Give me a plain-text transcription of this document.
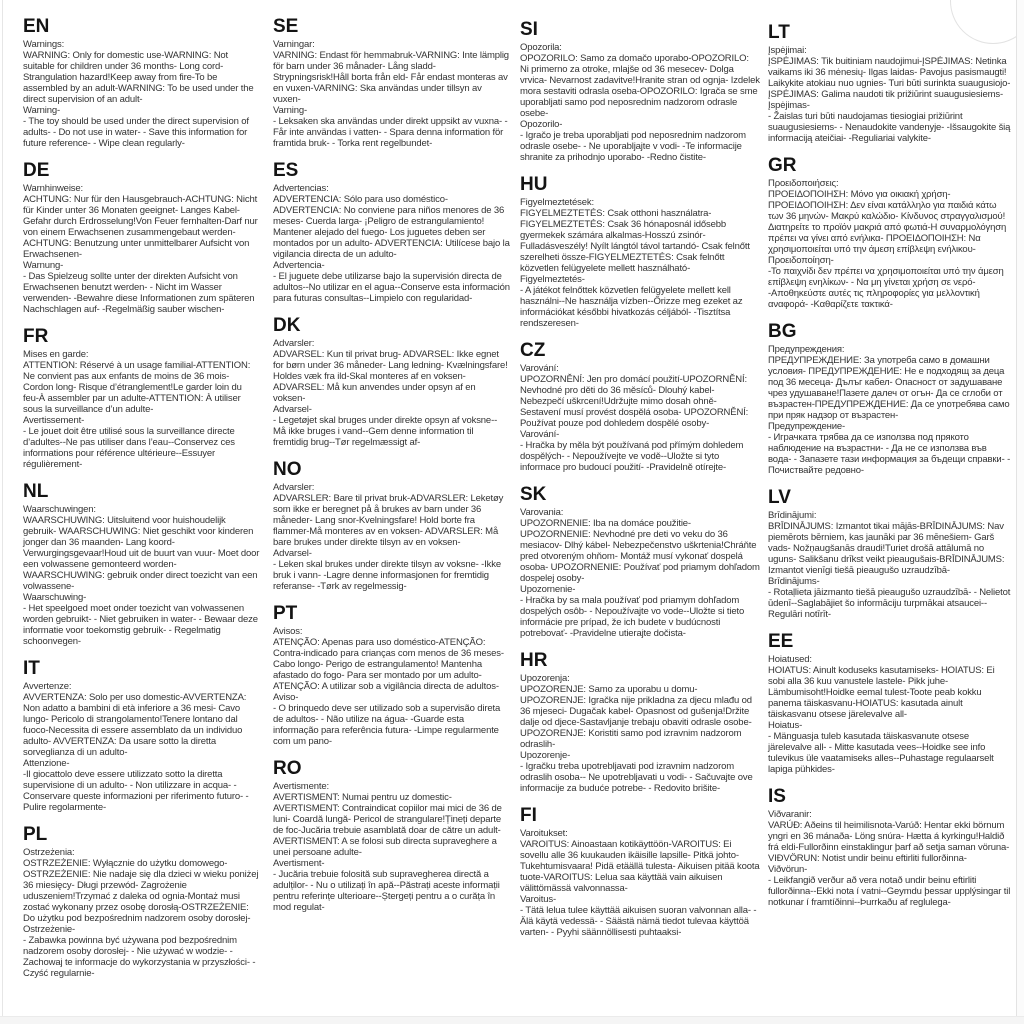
EN
Warnings:
WARNING: Only for domestic use-WARNING: Not suitable for children under 36 months- Long cord- Strangulation hazard!Keep away from fire-To be assembled by an adult-WARNING: To be used under the direct supervision of an adult-
Warning-
- The toy should be used under the direct supervision of adults- - Do not use in water- - Save this information for future reference- - Wipe clean regularly-
DE
Warnhinweise:
ACHTUNG: Nur für den Hausgebrauch-ACHTUNG: Nicht für Kinder unter 36 Monaten geeignet- Langes Kabel- Gefahr durch Erdrosselung!Von Feuer fernhalten-Darf nur von einem Erwachsenen zusammengebaut werden- ACHTUNG: Benutzung unter unmittelbarer Aufsicht von Erwachsenen-
Warnung-
- Das Spielzeug sollte unter der direkten Aufsicht von Erwachsenen benutzt werden- - Nicht im Wasser verwenden- -Bewahre diese Informationen zum späteren Nachschlagen auf- -Regelmäßig sauber wischen-
FR
Mises en garde:
ATTENTION: Réservé à un usage familial-ATTENTION: Ne convient pas aux enfants de moins de 36 mois- Cordon long- Risque d’étranglement!Le garder loin du feu-À assembler par un adulte-ATTENTION: À utiliser sous la surveillance d’un adulte-
Avertissement-
- Le jouet doit être utilisé sous la surveillance directe d’adultes--Ne pas utiliser dans l’eau--Conservez ces informations pour référence ultérieure--Essuyer régulièrement-
NL
Waarschuwingen:
WAARSCHUWING: Uitsluitend voor huishoudelijk gebruik- WAARSCHUWING: Niet geschikt voor kinderen jonger dan 36 maanden- Lang koord- Verwurgingsgevaar!Houd uit de buurt van vuur- Moet door een volwassene gemonteerd worden- WAARSCHUWING: gebruik onder direct toezicht van een volwassene-
Waarschuwing-
- Het speelgoed moet onder toezicht van volwassenen worden gebruikt- - Niet gebruiken in water- - Bewaar deze informatie voor toekomstig gebruik- - Regelmatig schoonvegen-
IT
Avvertenze:
AVVERTENZA: Solo per uso domestic-AVVERTENZA: Non adatto a bambini di età inferiore a 36 mesi- Cavo lungo- Pericolo di strangolamento!Tenere lontano dal fuoco-Necessita di essere assemblato da un individuo adulto- AVVERTENZA: Da usare sotto la diretta sorveglianza di un adulto-
Attenzione-
-Il giocattolo deve essere utilizzato sotto la diretta supervisione di un adulto- - Non utilizzare in acqua- -Conservare queste informazioni per riferimento futuro- -Pulire regolarmente-
PL
Ostrzeżenia:
OSTRZEŻENIE: Wyłącznie do użytku domowego- OSTRZEŻENIE: Nie nadaje się dla dzieci w wieku poniżej 36 miesięcy- Długi przewód- Zagrożenie uduszeniem!Trzymać z daleka od ognia-Montaż musi zostać wykonany przez osobę dorosłą-OSTRZEŻENIE: Do użytku pod bezpośrednim nadzorem osoby dorosłej-
Ostrzeżenie-
- Zabawka powinna być używana pod bezpośrednim nadzorem osoby dorosłej- - Nie używać w wodzie- - Zachowaj te informacje do wykorzystania w przyszłości- - Czyść regularnie-
SE
Varningar:
VARNING: Endast för hemmabruk-VARNING: Inte lämplig för barn under 36 månader- Lång sladd- Strypningsrisk!Håll borta från eld- Får endast monteras av en vuxen-VARNING: Ska användas under tillsyn av vuxen-
Varning-
- Leksaken ska användas under direkt uppsikt av vuxna- - Får inte användas i vatten- - Spara denna information för framtida bruk- - Torka rent regelbundet-
ES
Advertencias:
ADVERTENCIA: Sólo para uso doméstico-ADVERTENCIA: No conviene para niños menores de 36 meses- Cuerda larga- ¡Peligro de estrangulamiento! Mantener alejado del fuego- Los juguetes deben ser montados por un adulto- ADVERTENCIA: Utilícese bajo la vigilancia directa de un adulto-
Advertencia-
- El juguete debe utilizarse bajo la supervisión directa de adultos--No utilizar en el agua--Conserve esta información para futuras consultas--Limpielo con regularidad-
DK
Advarsler:
ADVARSEL: Kun til privat brug- ADVARSEL: Ikke egnet for børn under 36 måneder- Lang ledning- Kvælningsfare! Holdes væk fra ild-Skal monteres af en voksen- ADVARSEL: Må kun anvendes under opsyn af en voksen-
Advarsel-
- Legetøjet skal bruges under direkte opsyn af voksne-- Må ikke bruges i vand--Gem denne information til fremtidig brug--Tør regelmæssigt af-
NO
Advarsler:
ADVARSLER: Bare til privat bruk-ADVARSLER: Leketøy som ikke er beregnet på å brukes av barn under 36 måneder- Lang snor-Kvelningsfare! Hold borte fra flammer-Må monteres av en voksen- ADVARSLER: Må bare brukes under direkte tilsyn av en voksen-
Advarsel-
- Leken skal brukes under direkte tilsyn av voksne- -Ikke bruk i vann- -Lagre denne informasjonen for fremtidig referanse- -Tørk av regelmessig-
PT
Avisos:
ATENÇÃO: Apenas para uso doméstico-ATENÇÃO: Contra-indicado para crianças com menos de 36 meses- Cabo longo- Perigo de estrangulamento! Mantenha afastado do fogo- Para ser montado por um adulto- ATENÇÃO: A utilizar sob a vigilância directa de adultos-
Aviso-
- O brinquedo deve ser utilizado sob a supervisão direta de adultos- - Não utilize na água- -Guarde esta informação para referência futura- -Limpe regularmente com um pano-
RO
Avertismente:
AVERTISMENT: Numai pentru uz domestic- AVERTISMENT: Contraindicat copiilor mai mici de 36 de luni- Coardă lungă- Pericol de strangulare!Țineți departe de foc-Jucăria trebuie asamblată doar de către un adult-AVERTISMENT: A se folosi sub directa supraveghere a unei persoane adulte-
Avertisment-
- Jucăria trebuie folosită sub supravegherea directă a adulților- - Nu o utilizați în apă--Păstrați aceste informații pentru referințe ulterioare--Ștergeți pentru a o curăța în mod regulat-
SI
Opozorila:
OPOZORILO: Samo za domačo uporabo-OPOZORILO: Ni primerno za otroke, mlajše od 36 mesecev- Dolga vrvica- Nevarnost zadavitve!Hranite stran od ognja- Izdelek mora sestaviti odrasla oseba-OPOZORILO: Igrača se sme uporabljati samo pod neposrednim nadzorom odrasle osebe-
Opozorilo-
- Igračo je treba uporabljati pod neposrednim nadzorom odrasle osebe- - Ne uporabljajte v vodi- -Te informacije shranite za prihodnjo uporabo- -Redno čistite-
HU
Figyelmeztetések:
FIGYELMEZTETÉS: Csak otthoni használatra- FIGYELMEZTETÉS: Csak 36 hónaposnál idősebb gyermekek számára alkalmas-Hosszú zsinór- Fulladásveszély! Nyílt lángtól távol tartandó- Csak felnőtt szerelheti össze-FIGYELMEZTETÉS: Csak felnőtt közvetlen felügyelete mellett használható-
Figyelmeztetés-
- A játékot felnőttek közvetlen felügyelete mellett kell használni--Ne használja vízben--Őrizze meg ezeket az információkat későbbi hivatkozás céljából- -Tisztítsa rendszeresen-
CZ
Varování:
UPOZORNĚNÍ: Jen pro domácí použití-UPOZORNĚNÍ: Nevhodné pro děti do 36 měsíců- Dlouhý kabel- Nebezpečí uškrcení!Udržujte mimo dosah ohně- Sestavení musí provést dospělá osoba- UPOZORNĚNÍ: Používat pouze pod dohledem dospělé osoby-
Varování-
- Hračka by měla být používaná pod přímým dohledem dospělých- - Nepoužívejte ve vodě--Uložte si tyto informace pro budoucí použití- -Pravidelně otírejte-
SK
Varovania:
UPOZORNENIE: Iba na domáce použitie-UPOZORNENIE: Nevhodné pre deti vo veku do 36 mesiacov- Dlhý kábel- Nebezpečenstvo uškrtenia!Chráňte pred otvoreným ohňom- Montáž musí vykonať dospelá osoba- UPOZORNENIE: Používať pod priamym dohľadom dospelej osoby-
Upozornenie-
- Hračka by sa mala používať pod priamym dohľadom dospelých osôb- - Nepoužívajte vo vode--Uložte si tieto informácie pre prípad, že ich budete v budúcnosti potrebovať- -Pravidelne utierajte dočista-
HR
Upozorenja:
UPOZORENJE: Samo za uporabu u domu-UPOZORENJE: Igračka nije prikladna za djecu mlađu od 36 mjeseci- Dugačak kabel- Opasnost od gušenja!Držite dalje od djece-Sastavljanje trebaju obaviti odrasle osobe- UPOZORENJE: Koristiti samo pod izravnim nadzorom odraslih-
Upozorenje-
- Igračku treba upotrebljavati pod izravnim nadzorom odraslih osoba-- Ne upotrebljavati u vodi- - Sačuvajte ove informacije za buduće potrebe- - Redovito brišite-
FI
Varoitukset:
VAROITUS: Ainoastaan kotikäyttöön-VAROITUS: Ei sovellu alle 36 kuukauden ikäisille lapsille- Pitkä johto- Tukehtumisvaara! Pidä etäällä tulesta- Aikuisen pitää koota tuote-VAROITUS: Lelua saa käyttää vain aikuisen välittömässä valvonnassa-
Varoitus-
- Tätä lelua tulee käyttää aikuisen suoran valvonnan alla- - Älä käytä vedessä- - Säästä nämä tiedot tulevaa käyttöä varten- - Pyyhi säännöllisesti puhtaaksi-
LT
Įspėjimai:
ĮSPĖJIMAS: Tik buitiniam naudojimui-ĮSPĖJIMAS: Netinka vaikams iki 36 mėnesių- Ilgas laidas- Pavojus pasismaugti! Laikykite atokiau nuo ugnies- Turi būti surinkta suaugusiojo- ĮSPĖJIMAS: Galima naudoti tik prižiūrint suaugusiesiems-
Įspėjimas-
- Žaislas turi būti naudojamas tiesiogiai prižiūrint suaugusiesiems- - Nenaudokite vandenyje- -Išsaugokite šią informaciją ateičiai- -Reguliariai valykite-
GR
Προειδοποιήσεις:
ΠΡΟΕΙΔΟΠΟΙΗΣΗ: Μόνο για οικιακή χρήση- ΠΡΟΕΙΔΟΠΟΙΗΣΗ: Δεν είναι κατάλληλο για παιδιά κάτω των 36 μηνών- Μακρύ καλώδιο- Κίνδυνος στραγγαλισμού! Διατηρείτε το προϊόν μακριά από φωτιά-Η συναρμολόγηση πρέπει να γίνει από ενήλικα- ΠΡΟΕΙΔΟΠΟΙΗΣΗ: Να χρησιμοποιείται υπό την άμεση επίβλεψη ενήλικου-
Προειδοποίηση-
-Το παιχνίδι δεν πρέπει να χρησιμοποιείται υπό την άμεση επίβλεψη ενηλίκων- - Να μη γίνεται χρήση σε νερό- -Αποθηκεύστε αυτές τις πληροφορίες για μελλοντική αναφορά- -Καθαρίζετε τακτικά-
BG
Предупреждения:
ПРЕДУПРЕЖДЕНИЕ: За употреба само в домашни условия- ПРЕДУПРЕЖДЕНИЕ: Не е подходящ за деца под 36 месеца- Дълъг кабел- Опасност от задушаване чрез удушаване!Пазете далеч от огън- Да се сглоби от възрастен-ПРЕДУПРЕЖДЕНИЕ: Да се употребява само при пряк надзор от възрастен-
Предупреждение-
- Играчката трябва да се използва под прякото наблюдение на възрастни- - Да не се използва във вода- - Запазете тази информация за бъдещи справки- - Почиствайте редовно-
LV
Brīdinājumi:
BRĪDINĀJUMS: Izmantot tikai mājās-BRĪDINĀJUMS: Nav piemērots bērniem, kas jaunāki par 36 mēnešiem- Garš vads- Nožņaugšanās draudi!Turiet drošā attālumā no uguns- Salikšanu drīkst veikt pieaugušais-BRĪDINĀJUMS: Izmantot vienīgi tiešā pieaugušo uzraudzībā-
Brīdinājums-
- Rotaļlieta jāizmanto tiešā pieaugušo uzraudzībā- - Nelietot ūdenī--Saglabājiet šo informāciju turpmākai atsaucei--Regulāri notīrīt-
EE
Hoiatused:
HOIATUS: Ainult koduseks kasutamiseks- HOIATUS: Ei sobi alla 36 kuu vanustele lastele- Pikk juhe- Lämbumisoht!Hoidke eemal tulest-Toote peab kokku panema täiskasvanu-HOIATUS: kasutada ainult täiskasvanu otsese järelevalve all-
Hoiatus-
- Mänguasja tuleb kasutada täiskasvanute otsese järelevalve all- - Mitte kasutada vees--Hoidke see info tulevikus üle vaatamiseks alles--Puhastage regulaarselt lapiga pühkides-
IS
Viðvaranir:
VARÚÐ: Aðeins til heimilisnota-Varúð: Hentar ekki börnum yngri en 36 mánaða- Löng snúra- Hætta á kyrkingu!Haldið frá eldi-Fullorðinn einstaklingur þarf að setja saman vöruna- VIÐVÖRUN: Notist undir beinu eftirliti fullorðinna-
Viðvörun-
- Leikfangið verður að vera notað undir beinu eftirliti fullorðinna--Ekki nota í vatni--Geymdu þessar upplýsingar til notkunar í framtíðinni--Þurrkaðu af reglulega-
